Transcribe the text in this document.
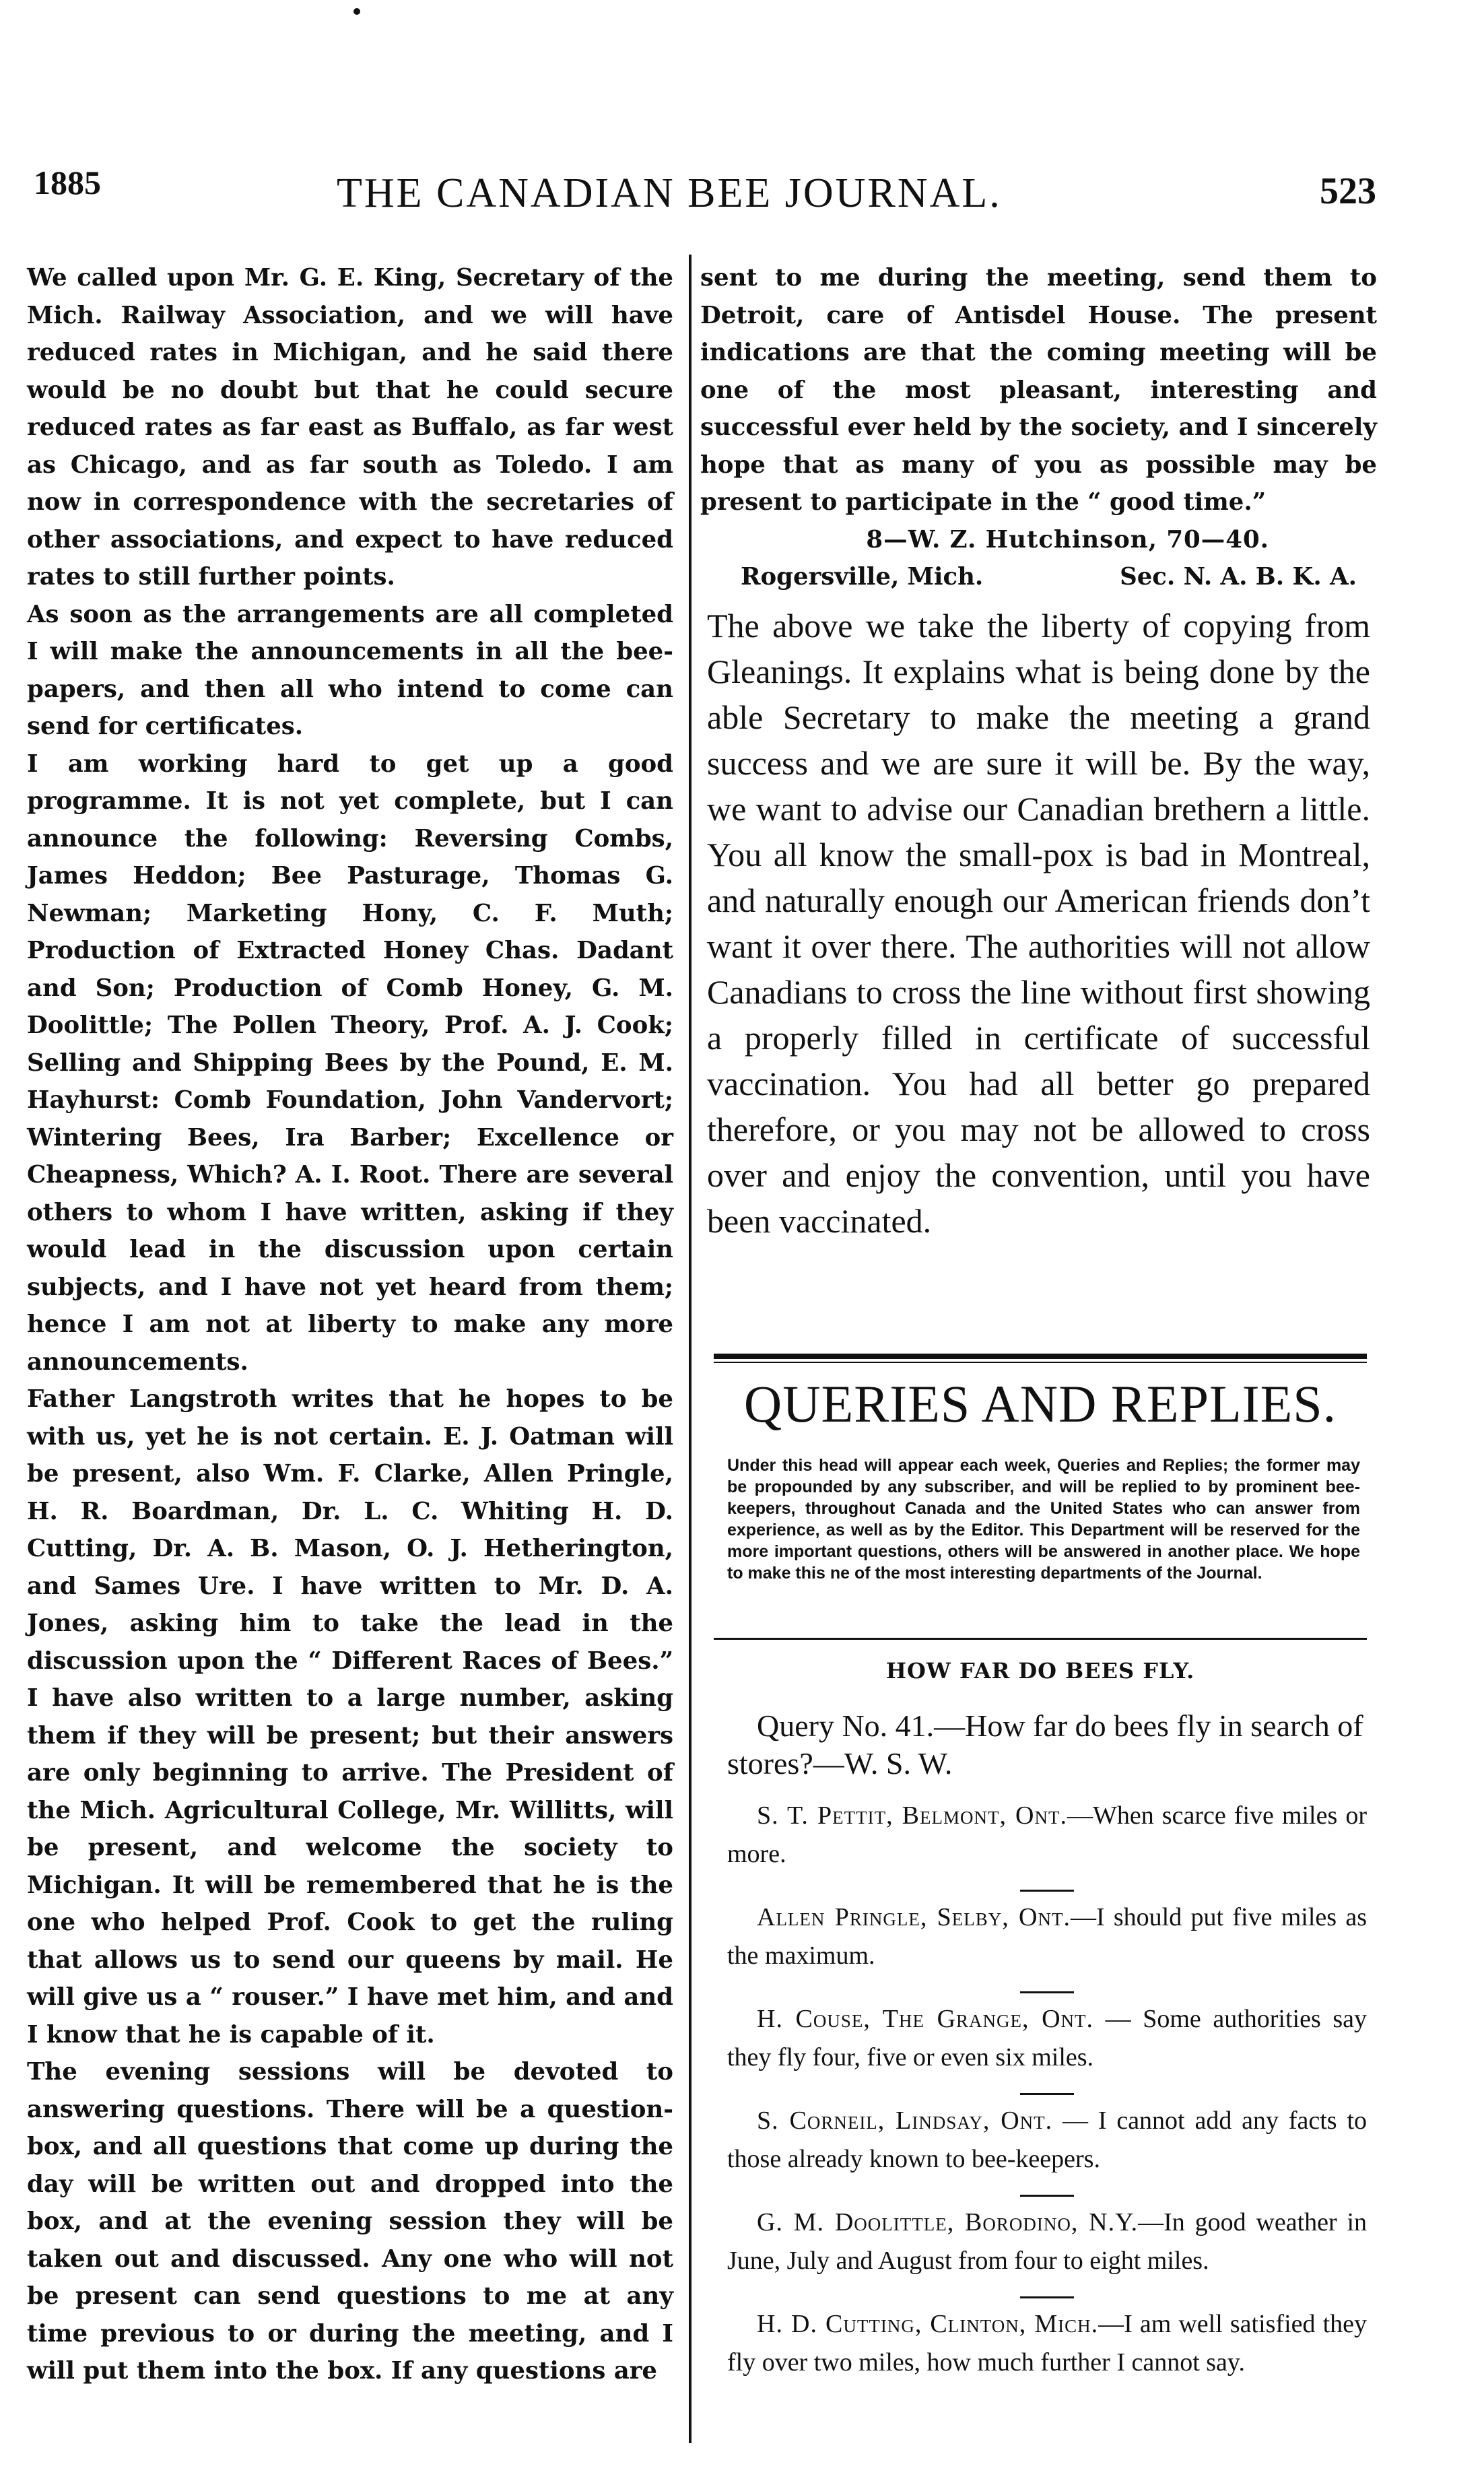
1885	THE CANADIAN BEE JOURNAL.	523

We called upon Mr. G. E. King, Secretary of the Mich. Railway Association, and we will have reduced rates in Michigan, and he said there would be no doubt but that he could secure reduced rates as far east as Buffalo, as far west as Chicago, and as far south as Toledo. I am now in correspondence with the secretaries of other associations, and expect to have reduced rates to still further points.

As soon as the arrangements are all completed I will make the announcements in all the bee-papers, and then all who intend to come can send for certificates.

I am working hard to get up a good programme. It is not yet complete, but I can announce the following: Reversing Combs, James Heddon; Bee Pasturage, Thomas G. Newman; Marketing Hony, C. F. Muth; Production of Extracted Honey Chas. Dadant and Son; Production of Comb Honey, G. M. Doolittle; The Pollen Theory, Prof. A. J. Cook; Selling and Shipping Bees by the Pound, E. M. Hayhurst: Comb Foundation, John Vandervort; Wintering Bees, Ira Barber; Excellence or Cheapness, Which? A. I. Root. There are several others to whom I have written, asking if they would lead in the discussion upon certain subjects, and I have not yet heard from them; hence I am not at liberty to make any more announcements.

Father Langstroth writes that he hopes to be with us, yet he is not certain. E. J. Oatman will be present, also Wm. F. Clarke, Allen Pringle, H. R. Boardman, Dr. L. C. Whiting H. D. Cutting, Dr. A. B. Mason, O. J. Hetherington, and Sames Ure. I have written to Mr. D. A. Jones, asking him to take the lead in the discussion upon the “ Different Races of Bees.” I have also written to a large number, asking them if they will be present; but their answers are only beginning to arrive. The President of the Mich. Agricultural College, Mr. Willitts, will be present, and welcome the society to Michigan. It will be remembered that he is the one who helped Prof. Cook to get the ruling that allows us to send our queens by mail. He will give us a “ rouser.” I have met him, and and I know that he is capable of it.

The evening sessions will be devoted to answering questions. There will be a question-box, and all questions that come up during the day will be written out and dropped into the box, and at the evening session they will be taken out and discussed. Any one who will not be present can send questions to me at any time previous to or during the meeting, and I will put them into the box. If any questions are

sent to me during the meeting, send them to Detroit, care of Antisdel House. The present indications are that the coming meeting will be one of the most pleasant, interesting and successful ever held by the society, and I sincerely hope that as many of you as possible may be present to participate in the “ good time.”

8—W. Z. Hutchinson, 70—40.

Rogersville, Mich.	Sec. N. A. B. K. A.

The above we take the liberty of copying from Gleanings. It explains what is being done by the able Secretary to make the meeting a grand success and we are sure it will be. By the way, we want to advise our Canadian brethern a little. You all know the small-pox is bad in Montreal, and naturally enough our American friends don’t want it over there. The authorities will not allow Canadians to cross the line without first showing a properly filled in certificate of successful vaccination. You had all better go prepared therefore, or you may not be allowed to cross over and enjoy the convention, until you have been vaccinated.

QUERIES AND REPLIES.

Under this head will appear each week, Queries and Replies; the former may be propounded by any subscriber, and will be replied to by prominent bee-keepers, throughout Canada and the United States who can answer from experience, as well as by the Editor. This Department will be reserved for the more important questions, others will be answered in another place. We hope to make this ne of the most interesting departments of the Journal.

HOW FAR DO BEES FLY.

Query No. 41.—How far do bees fly in search of stores?—W. S. W.

S. T. Pettit, Belmont, Ont.—When scarce five miles or more.

Allen Pringle, Selby, Ont.—I should put five miles as the maximum.

H. Couse, The Grange, Ont. — Some authorities say they fly four, five or even six miles.

S. Corneil, Lindsay, Ont. — I cannot add any facts to those already known to bee-keepers.

G. M. Doolittle, Borodino, N.Y.—In good weather in June, July and August from four to eight miles.

H. D. Cutting, Clinton, Mich.—I am well satisfied they fly over two miles, how much further I cannot say.
